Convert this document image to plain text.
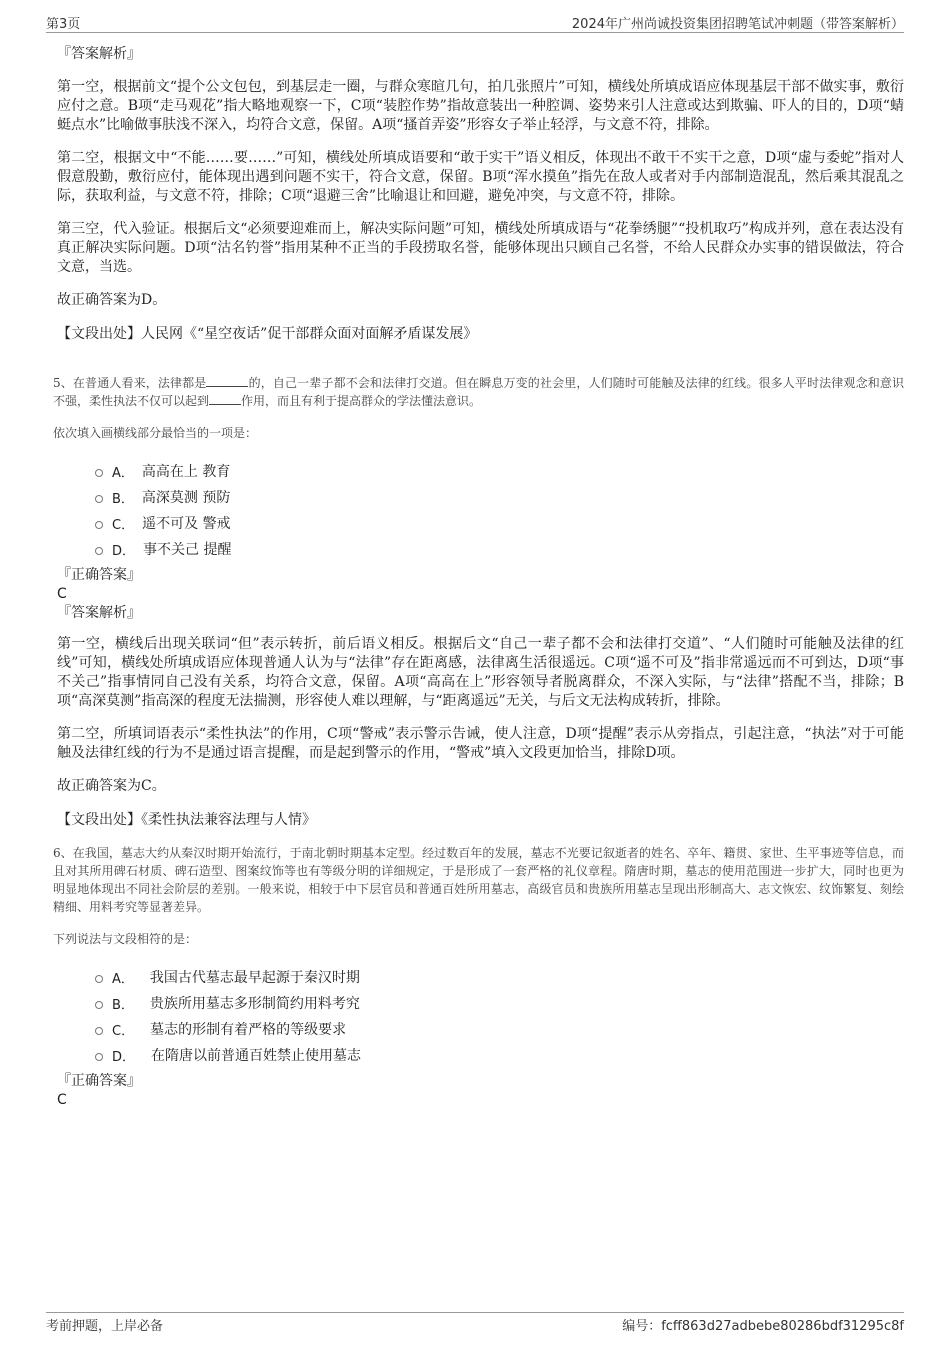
第3页	2024年广州尚诚投资集团招聘笔试冲刺题（带答案解析）

『答案解析』

第一空，根据前文“提个公文包包，到基层走一圈，与群众寒暄几句，拍几张照片”可知，横线处所填成语应体现基层干部不做实事，敷衍应付之意。B项“走马观花”指大略地观察一下，C项“装腔作势”指故意装出一种腔调、姿势来引人注意或达到欺骗、吓人的目的，D项“蜻蜓点水”比喻做事肤浅不深入，均符合文意，保留。A项“搔首弄姿”形容女子举止轻浮，与文意不符，排除。

第二空，根据文中“不能……要……”可知，横线处所填成语要和“敢于实干”语义相反，体现出不敢干不实干之意，D项“虚与委蛇”指对人假意殷勤，敷衍应付，能体现出遇到问题不实干，符合文意，保留。B项“浑水摸鱼”指先在敌人或者对手内部制造混乱，然后乘其混乱之际，获取利益，与文意不符，排除；C项“退避三舍”比喻退让和回避，避免冲突，与文意不符，排除。

第三空，代入验证。根据后文“必须要迎难而上，解决实际问题”可知，横线处所填成语与“花拳绣腿”“投机取巧”构成并列，意在表达没有真正解决实际问题。D项“沽名钓誉”指用某种不正当的手段捞取名誉，能够体现出只顾自己名誉，不给人民群众办实事的错误做法，符合文意，当选。

故正确答案为D。

【文段出处】人民网《“星空夜话”促干部群众面对面解矛盾谋发展》

5、在普通人看来，法律都是	的，自己一辈子都不会和法律打交道。但在瞬息万变的社会里，人们随时可能触及法律的红线。很多人平时法律观念和意识不强，柔性执法不仅可以起到	作用，而且有利于提高群众的学法懂法意识。

依次填入画横线部分最恰当的一项是：

A． 高高在上 教育
B． 高深莫测 预防
C． 遥不可及 警戒
D． 事不关己 提醒

『正确答案』

C

『答案解析』

第一空，横线后出现关联词“但”表示转折，前后语义相反。根据后文“自己一辈子都不会和法律打交道”、“人们随时可能触及法律的红线”可知，横线处所填成语应体现普通人认为与“法律”存在距离感，法律离生活很遥远。C项“遥不可及”指非常遥远而不可到达，D项“事不关己”指事情同自己没有关系，均符合文意，保留。A项“高高在上”形容领导者脱离群众，不深入实际，与“法律”搭配不当，排除；B项“高深莫测”指高深的程度无法揣测，形容使人难以理解，与“距离遥远”无关，与后文无法构成转折，排除。

第二空，所填词语表示“柔性执法”的作用，C项“警戒”表示警示告诫，使人注意，D项“提醒”表示从旁指点，引起注意，“执法”对于可能触及法律红线的行为不是通过语言提醒，而是起到警示的作用，“警戒”填入文段更加恰当，排除D项。

故正确答案为C。

【文段出处】《柔性执法兼容法理与人情》

6、在我国，墓志大约从秦汉时期开始流行，于南北朝时期基本定型。经过数百年的发展，墓志不光要记叙逝者的姓名、卒年、籍贯、家世、生平事迹等信息，而且对其所用碑石材质、碑石造型、图案纹饰等也有等级分明的详细规定，于是形成了一套严格的礼仪章程。隋唐时期，墓志的使用范围进一步扩大，同时也更为明显地体现出不同社会阶层的差别。一般来说，相较于中下层官员和普通百姓所用墓志，高级官员和贵族所用墓志呈现出形制高大、志文恢宏、纹饰繁复、刻绘精细、用料考究等显著差异。

下列说法与文段相符的是：

A． 我国古代墓志最早起源于秦汉时期
B． 贵族所用墓志多形制简约用料考究
C． 墓志的形制有着严格的等级要求
D． 在隋唐以前普通百姓禁止使用墓志

『正确答案』

C

考前押题，上岸必备	编号：fcff863d27adbebe80286bdf31295c8f
